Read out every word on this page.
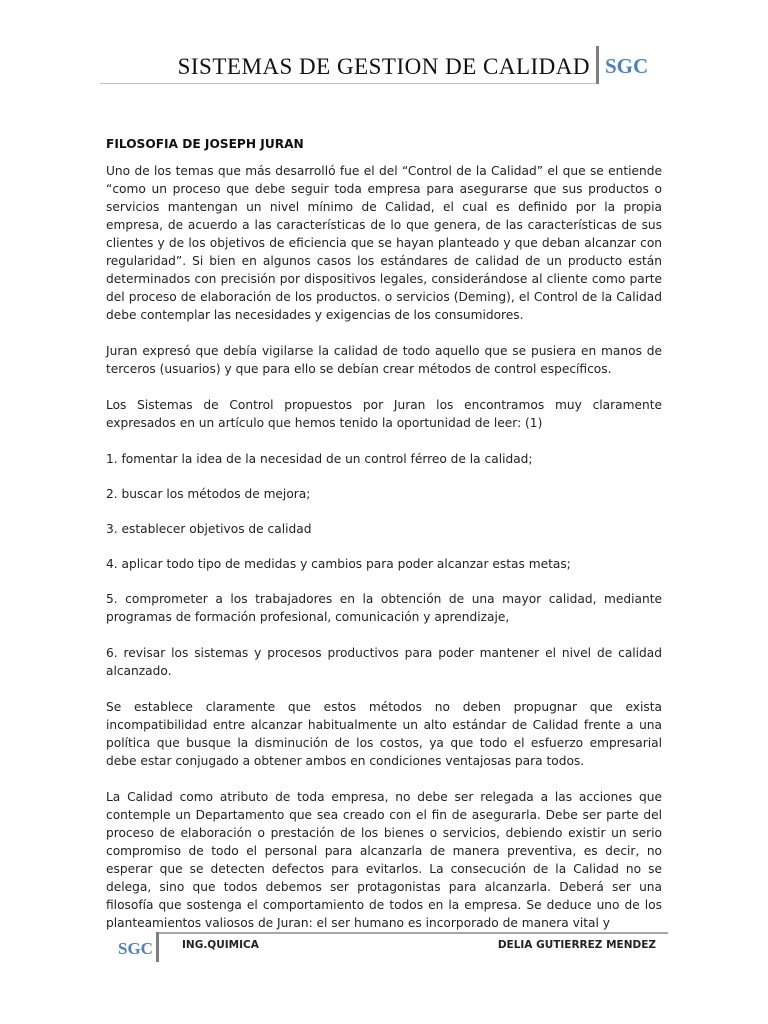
SISTEMAS DE GESTION DE CALIDAD SGC
FILOSOFIA DE JOSEPH JURAN

Uno de los temas que más desarrolló fue el del “Control de la Calidad” el que se entiende “como un proceso que debe seguir toda empresa para asegurarse que sus productos o servicios mantengan un nivel mínimo de Calidad, el cual es definido por la propia empresa, de acuerdo a las características de lo que genera, de las características de sus clientes y de los objetivos de eficiencia que se hayan planteado y que deban alcanzar con regularidad”. Si bien en algunos casos los estándares de calidad de un producto están determinados con precisión por dispositivos legales, considerándose al cliente como parte del proceso de elaboración de los productos. o servicios (Deming), el Control de la Calidad debe contemplar las necesidades y exigencias de los consumidores.

Juran expresó que debía vigilarse la calidad de todo aquello que se pusiera en manos de terceros (usuarios) y que para ello se debían crear métodos de control específicos.

Los Sistemas de Control propuestos por Juran los encontramos muy claramente expresados en un artículo que hemos tenido la oportunidad de leer: (1)

1. fomentar la idea de la necesidad de un control férreo de la calidad;

2. buscar los métodos de mejora;

3. establecer objetivos de calidad

4. aplicar todo tipo de medidas y cambios para poder alcanzar estas metas;

5. comprometer a los trabajadores en la obtención de una mayor calidad, mediante programas de formación profesional, comunicación y aprendizaje,

6. revisar los sistemas y procesos productivos para poder mantener el nivel de calidad alcanzado.

Se establece claramente que estos métodos no deben propugnar que exista incompatibilidad entre alcanzar habitualmente un alto estándar de Calidad frente a una política que busque la disminución de los costos, ya que todo el esfuerzo empresarial debe estar conjugado a obtener ambos en condiciones ventajosas para todos.

La Calidad como atributo de toda empresa, no debe ser relegada a las acciones que contemple un Departamento que sea creado con el fin de asegurarla. Debe ser parte del proceso de elaboración o prestación de los bienes o servicios, debiendo existir un serio compromiso de todo el personal para alcanzarla de manera preventiva, es decir, no esperar que se detecten defectos para evitarlos. La consecución de la Calidad no se delega, sino que todos debemos ser protagonistas para alcanzarla. Deberá ser una filosofía que sostenga el comportamiento de todos en la empresa. Se deduce uno de los planteamientos valiosos de Juran: el ser humano es incorporado de manera vital y

SGC	ING.QUIMICA	DELIA GUTIERREZ MENDEZ
